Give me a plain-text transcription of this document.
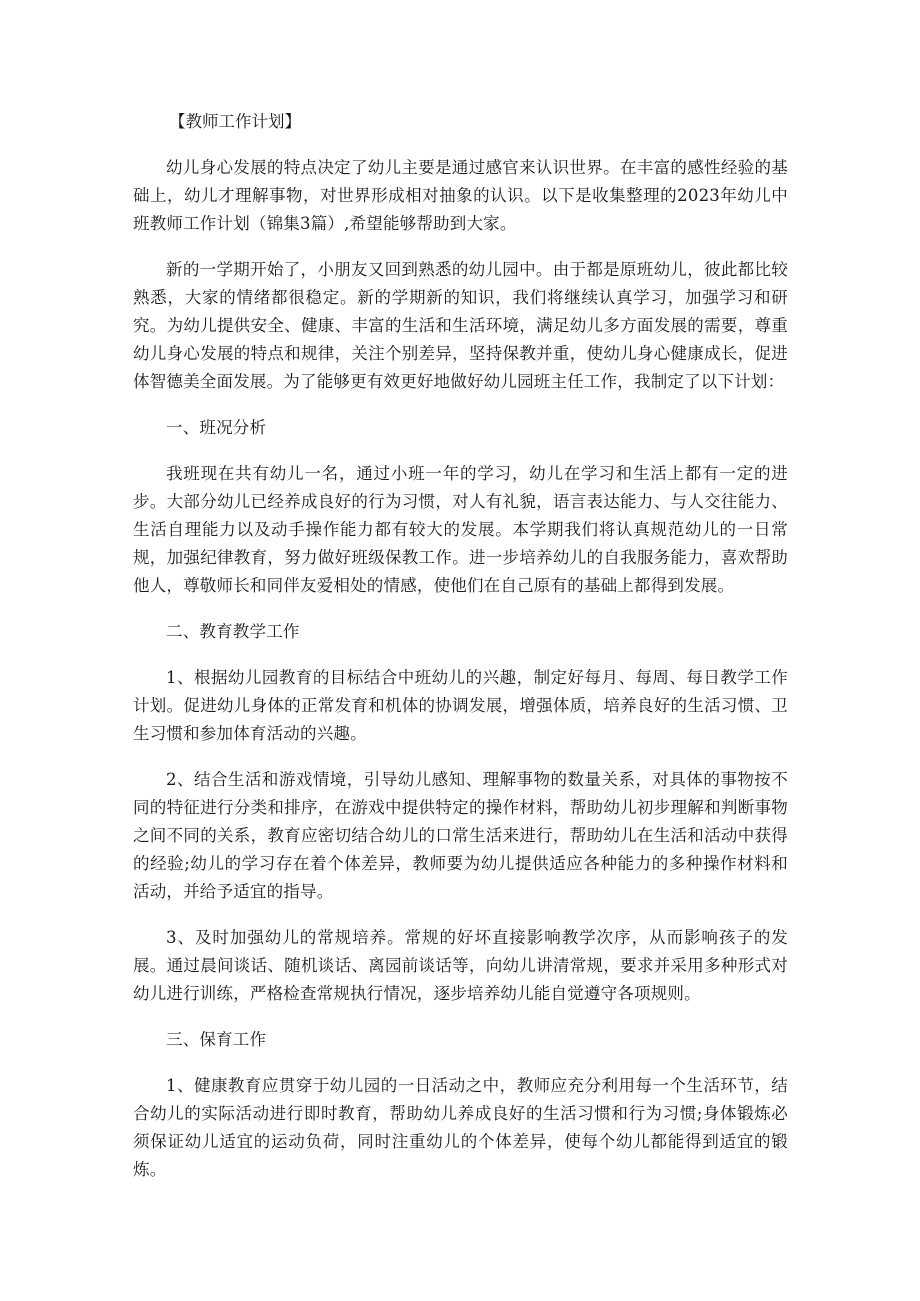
【教师工作计划】

幼儿身心发展的特点决定了幼儿主要是通过感官来认识世界。在丰富的感性经验的基础上，幼儿才理解事物，对世界形成相对抽象的认识。以下是收集整理的2023年幼儿中班教师工作计划（锦集3篇）,希望能够帮助到大家。

新的一学期开始了，小朋友又回到熟悉的幼儿园中。由于都是原班幼儿，彼此都比较熟悉，大家的情绪都很稳定。新的学期新的知识，我们将继续认真学习，加强学习和研究。为幼儿提供安全、健康、丰富的生活和生活环境，满足幼儿多方面发展的需要，尊重幼儿身心发展的特点和规律，关注个别差异，坚持保教并重，使幼儿身心健康成长，促进体智德美全面发展。为了能够更有效更好地做好幼儿园班主任工作，我制定了以下计划：

一、班况分析

我班现在共有幼儿一名，通过小班一年的学习，幼儿在学习和生活上都有一定的进步。大部分幼儿已经养成良好的行为习惯，对人有礼貌，语言表达能力、与人交往能力、生活自理能力以及动手操作能力都有较大的发展。本学期我们将认真规范幼儿的一日常规，加强纪律教育，努力做好班级保教工作。进一步培养幼儿的自我服务能力，喜欢帮助他人，尊敬师长和同伴友爱相处的情感，使他们在自己原有的基础上都得到发展。

二、教育教学工作

1、根据幼儿园教育的目标结合中班幼儿的兴趣，制定好每月、每周、每日教学工作计划。促进幼儿身体的正常发育和机体的协调发展，增强体质，培养良好的生活习惯、卫生习惯和参加体育活动的兴趣。

2、结合生活和游戏情境，引导幼儿感知、理解事物的数量关系，对具体的事物按不同的特征进行分类和排序，在游戏中提供特定的操作材料，帮助幼儿初步理解和判断事物之间不同的关系，教育应密切结合幼儿的口常生活来进行，帮助幼儿在生活和活动中获得的经验;幼儿的学习存在着个体差异，教师要为幼儿提供适应各种能力的多种操作材料和活动，并给予适宜的指导。

3、及时加强幼儿的常规培养。常规的好坏直接影响教学次序，从而影响孩子的发展。通过晨间谈话、随机谈话、离园前谈话等，向幼儿讲清常规，要求并采用多种形式对幼儿进行训练，严格检查常规执行情况，逐步培养幼儿能自觉遵守各项规则。

三、保育工作

1、健康教育应贯穿于幼儿园的一日活动之中，教师应充分利用每一个生活环节，结合幼儿的实际活动进行即时教育，帮助幼儿养成良好的生活习惯和行为习惯;身体锻炼必须保证幼儿适宜的运动负荷，同时注重幼儿的个体差异，使每个幼儿都能得到适宜的锻炼。
